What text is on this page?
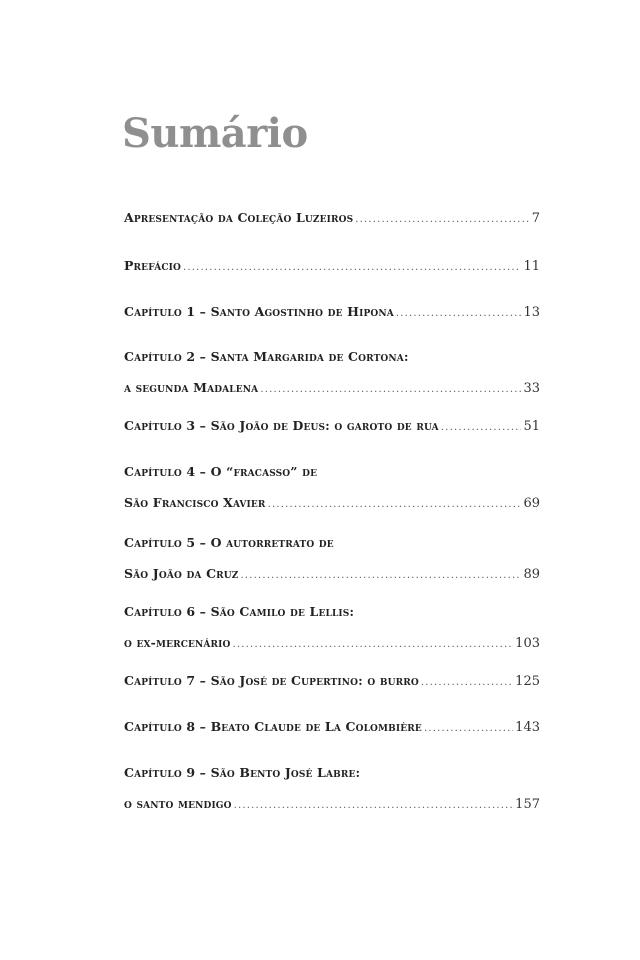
Sumário
Apresentação da Coleção Luzeiros .....	7
Prefácio .....	11
Capítulo 1 – Santo Agostinho de Hipona .....	13
Capítulo 2 – Santa Margarida de Cortona:
a segunda Madalena .....	33
Capítulo 3 – São João de Deus: o garoto de rua .....	51
Capítulo 4 – O “fracasso” de
São Francisco Xavier .....	69
Capítulo 5 – O autorretrato de
São João da Cruz .....	89
Capítulo 6 – São Camilo de Lellis:
o ex-mercenário .....	103
Capítulo 7 – São José de Cupertino: o burro .....	125
Capítulo 8 – Beato Claude de La Colombière .....	143
Capítulo 9 – São Bento José Labre:
o santo mendigo .....	157
